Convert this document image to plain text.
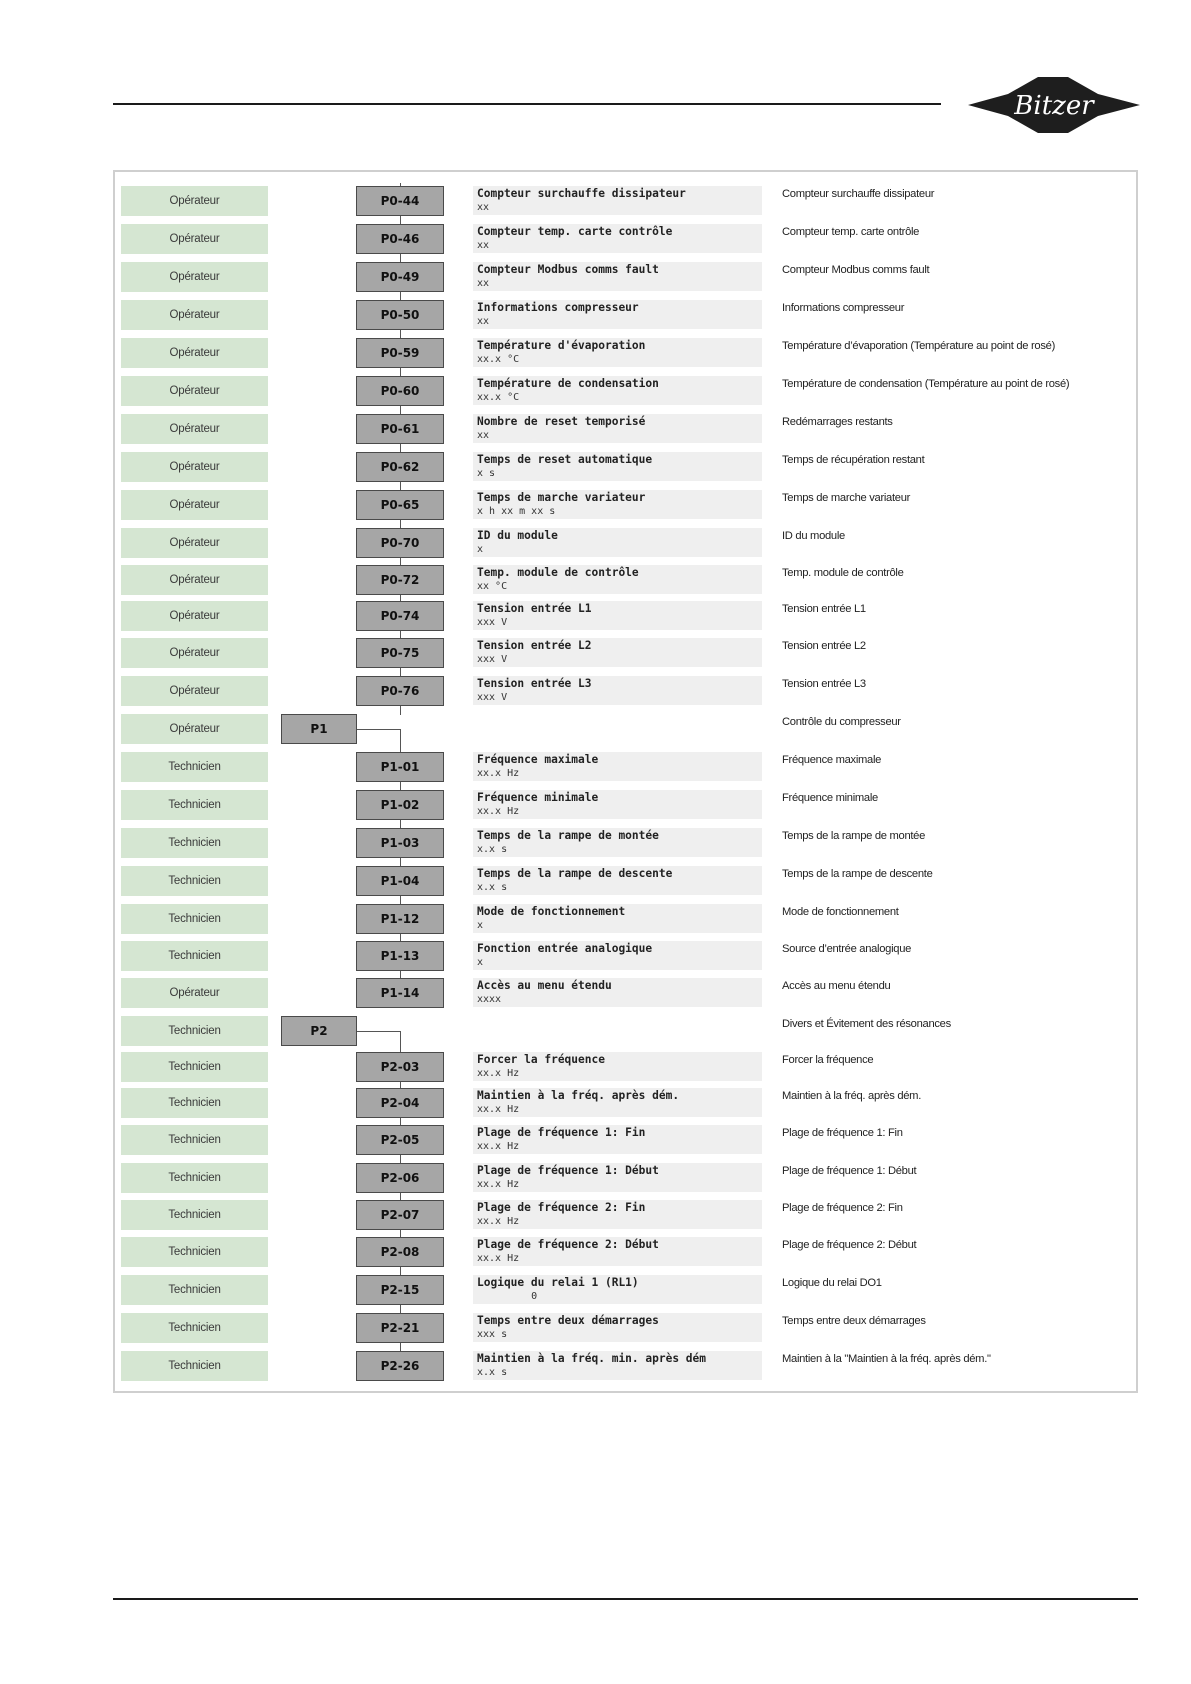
Bitzer
Opérateur	P0-44
Compteur surchauffe dissipateur
xx
Compteur surchauffe dissipateur
Opérateur	P0-46
Compteur temp. carte contrôle
xx
Compteur temp. carte ontrôle
Opérateur	P0-49
Compteur Modbus comms fault
xx
Compteur Modbus comms fault
Opérateur	P0-50
Informations compresseur
xx
Informations compresseur
Opérateur	P0-59
Température d'évaporation
xx.x °C
Température d’évaporation (Température au point de rosé)
Opérateur	P0-60
Température de condensation
xx.x °C
Température de condensation (Température au point de rosé)
Opérateur	P0-61
Nombre de reset temporisé
xx
Redémarrages restants
Opérateur	P0-62
Temps de reset automatique
x s
Temps de récupération restant
Opérateur	P0-65
Temps de marche variateur
x h xx m xx s
Temps de marche variateur
Opérateur	P0-70
ID du module
x
ID du module
Opérateur	P0-72
Temp. module de contrôle
xx °C
Temp. module de contrôle
Opérateur	P0-74
Tension entrée L1
xxx V
Tension entrée L1
Opérateur	P0-75
Tension entrée L2
xxx V
Tension entrée L2
Opérateur	P0-76
Tension entrée L3
xxx V
Tension entrée L3
Opérateur	P1	Contrôle du compresseur
Technicien	P1-01
Fréquence maximale
xx.x Hz
Fréquence maximale
Technicien	P1-02
Fréquence minimale
xx.x Hz
Fréquence minimale
Technicien	P1-03
Temps de la rampe de montée
x.x s
Temps de la rampe de montée
Technicien	P1-04
Temps de la rampe de descente
x.x s
Temps de la rampe de descente
Technicien	P1-12
Mode de fonctionnement
x
Mode de fonctionnement
Technicien	P1-13
Fonction entrée analogique
x
Source d’entrée analogique
Opérateur	P1-14
Accès au menu étendu
xxxx
Accès au menu étendu
Technicien	P2	Divers et Évitement des résonances
Technicien	P2-03
Forcer la fréquence
xx.x Hz
Forcer la fréquence
Technicien	P2-04
Maintien à la fréq. après dém.
xx.x Hz
Maintien à la fréq. après dém.
Technicien	P2-05
Plage de fréquence 1: Fin
xx.x Hz
Plage de fréquence 1: Fin
Technicien	P2-06
Plage de fréquence 1: Début
xx.x Hz
Plage de fréquence 1: Début
Technicien	P2-07
Plage de fréquence 2: Fin
xx.x Hz
Plage de fréquence 2: Fin
Technicien	P2-08
Plage de fréquence 2: Début
xx.x Hz
Plage de fréquence 2: Début
Technicien	P2-15
Logique du relai 1 (RL1)
0
Logique du relai DO1
Technicien	P2-21
Temps entre deux démarrages
xxx s
Temps entre deux démarrages
Technicien	P2-26
Maintien à la fréq. min. après dém
x.x s
Maintien à la "Maintien à la fréq. après dém."
